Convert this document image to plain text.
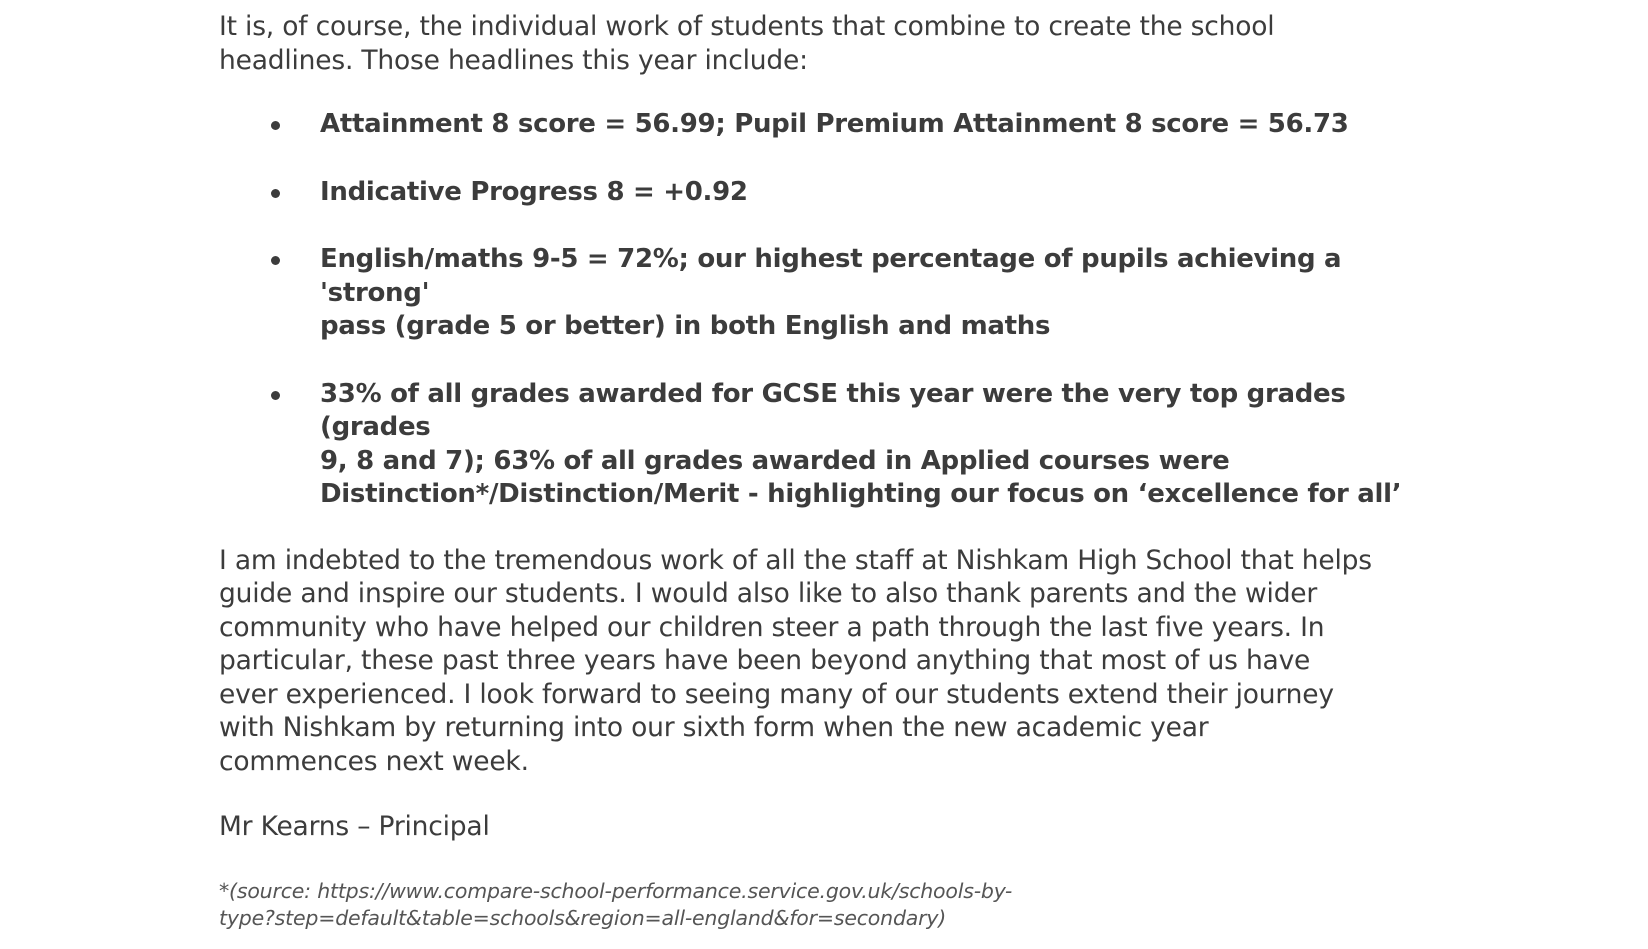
It is, of course, the individual work of students that combine to create the school
headlines. Those headlines this year include:

Attainment 8 score = 56.99; Pupil Premium Attainment 8 score = 56.73
Indicative Progress 8 = +0.92
English/maths 9-5 = 72%; our highest percentage of pupils achieving a 'strong'
pass (grade 5 or better) in both English and maths
33% of all grades awarded for GCSE this year were the very top grades (grades
9, 8 and 7); 63% of all grades awarded in Applied courses were
Distinction*/Distinction/Merit - highlighting our focus on ‘excellence for all’

I am indebted to the tremendous work of all the staff at Nishkam High School that helps
guide and inspire our students. I would also like to also thank parents and the wider
community who have helped our children steer a path through the last five years. In
particular, these past three years have been beyond anything that most of us have
ever experienced. I look forward to seeing many of our students extend their journey
with Nishkam by returning into our sixth form when the new academic year
commences next week.

Mr Kearns – Principal

*(source: https://www.compare-school-performance.service.gov.uk/schools-by-
type?step=default&table=schools&region=all-england&for=secondary)
